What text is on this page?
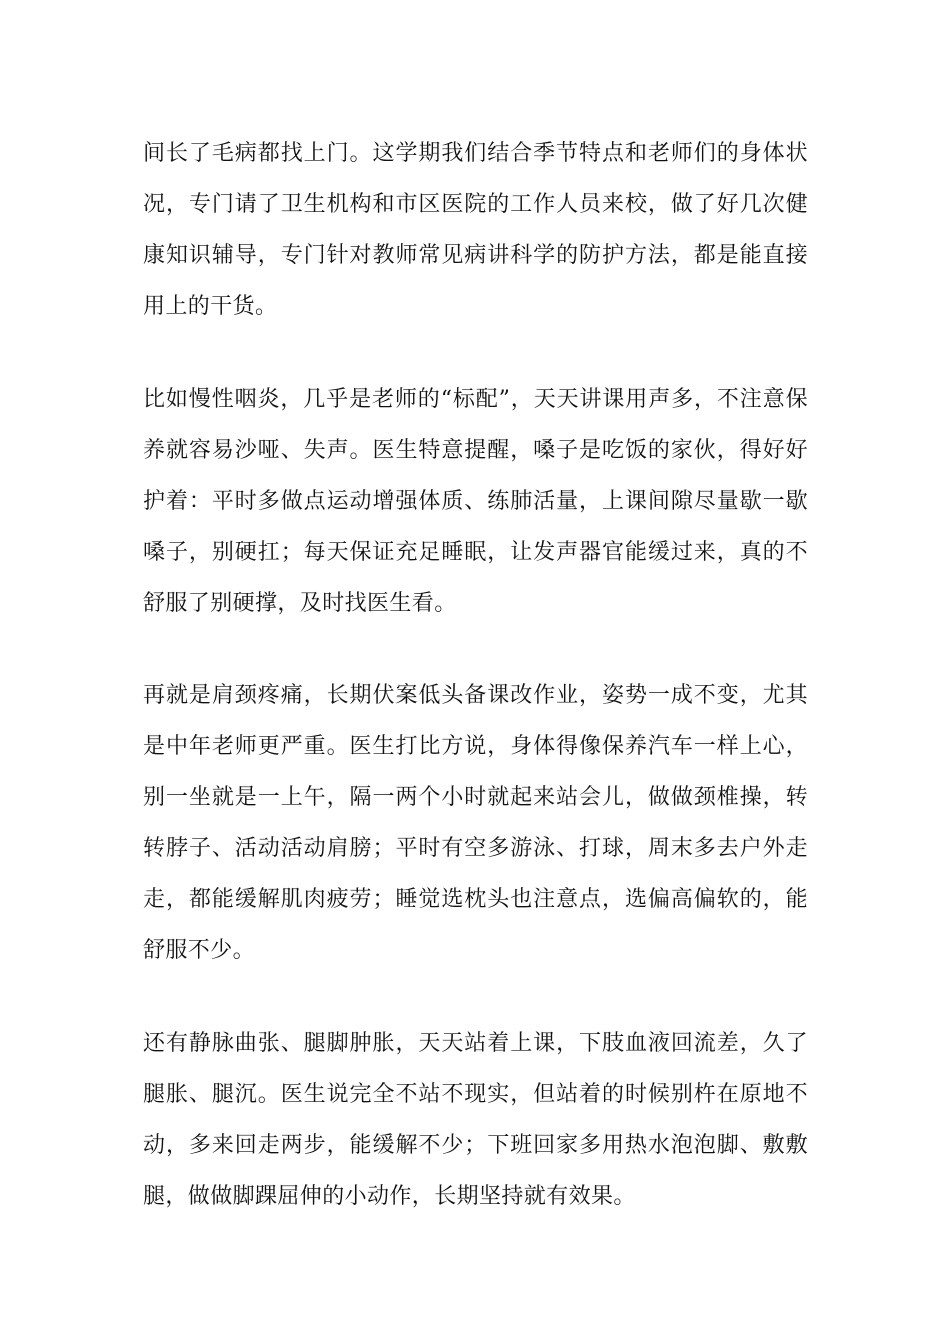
间长了毛病都找上门。这学期我们结合季节特点和老师们的身体状况，专门请了卫生机构和市区医院的工作人员来校，做了好几次健康知识辅导，专门针对教师常见病讲科学的防护方法，都是能直接用上的干货。

比如慢性咽炎，几乎是老师的“标配”，天天讲课用声多，不注意保养就容易沙哑、失声。医生特意提醒，嗓子是吃饭的家伙，得好好护着：平时多做点运动增强体质、练肺活量，上课间隙尽量歇一歇嗓子，别硬扛；每天保证充足睡眠，让发声器官能缓过来，真的不舒服了别硬撑，及时找医生看。

再就是肩颈疼痛，长期伏案低头备课改作业，姿势一成不变，尤其是中年老师更严重。医生打比方说，身体得像保养汽车一样上心，别一坐就是一上午，隔一两个小时就起来站会儿，做做颈椎操，转转脖子、活动活动肩膀；平时有空多游泳、打球，周末多去户外走走，都能缓解肌肉疲劳；睡觉选枕头也注意点，选偏高偏软的，能舒服不少。

还有静脉曲张、腿脚肿胀，天天站着上课，下肢血液回流差，久了腿胀、腿沉。医生说完全不站不现实，但站着的时候别杵在原地不动，多来回走两步，能缓解不少；下班回家多用热水泡泡脚、敷敷腿，做做脚踝屈伸的小动作，长期坚持就有效果。
